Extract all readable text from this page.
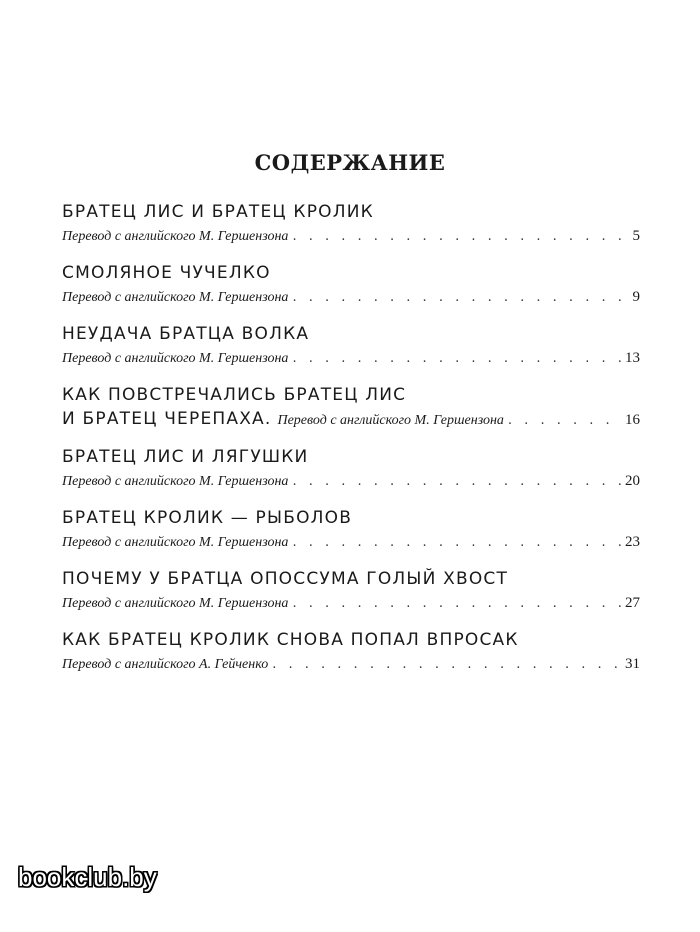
СОДЕРЖАНИЕ
БРАТЕЦ ЛИС И БРАТЕЦ КРОЛИК
Перевод с английского М. Гершензона . . .	5
СМОЛЯНОЕ ЧУЧЕЛКО
Перевод с английского М. Гершензона . . .	9
НЕУДАЧА БРАТЦА ВОЛКА
Перевод с английского М. Гершензона . . .	13
КАК ПОВСТРЕЧАЛИСЬ БРАТЕЦ ЛИС
И БРАТЕЦ ЧЕРЕПАХА. Перевод с английского М. Гершензона . . .	16
БРАТЕЦ ЛИС И ЛЯГУШКИ
Перевод с английского М. Гершензона . . .	20
БРАТЕЦ КРОЛИК — РЫБОЛОВ
Перевод с английского М. Гершензона . . .	23
ПОЧЕМУ У БРАТЦА ОПОССУМА ГОЛЫЙ ХВОСТ
Перевод с английского М. Гершензона . . .	27
КАК БРАТЕЦ КРОЛИК СНОВА ПОПАЛ ВПРОСАК
Перевод с английского А. Гейченко . . .	31
bookclub.by
